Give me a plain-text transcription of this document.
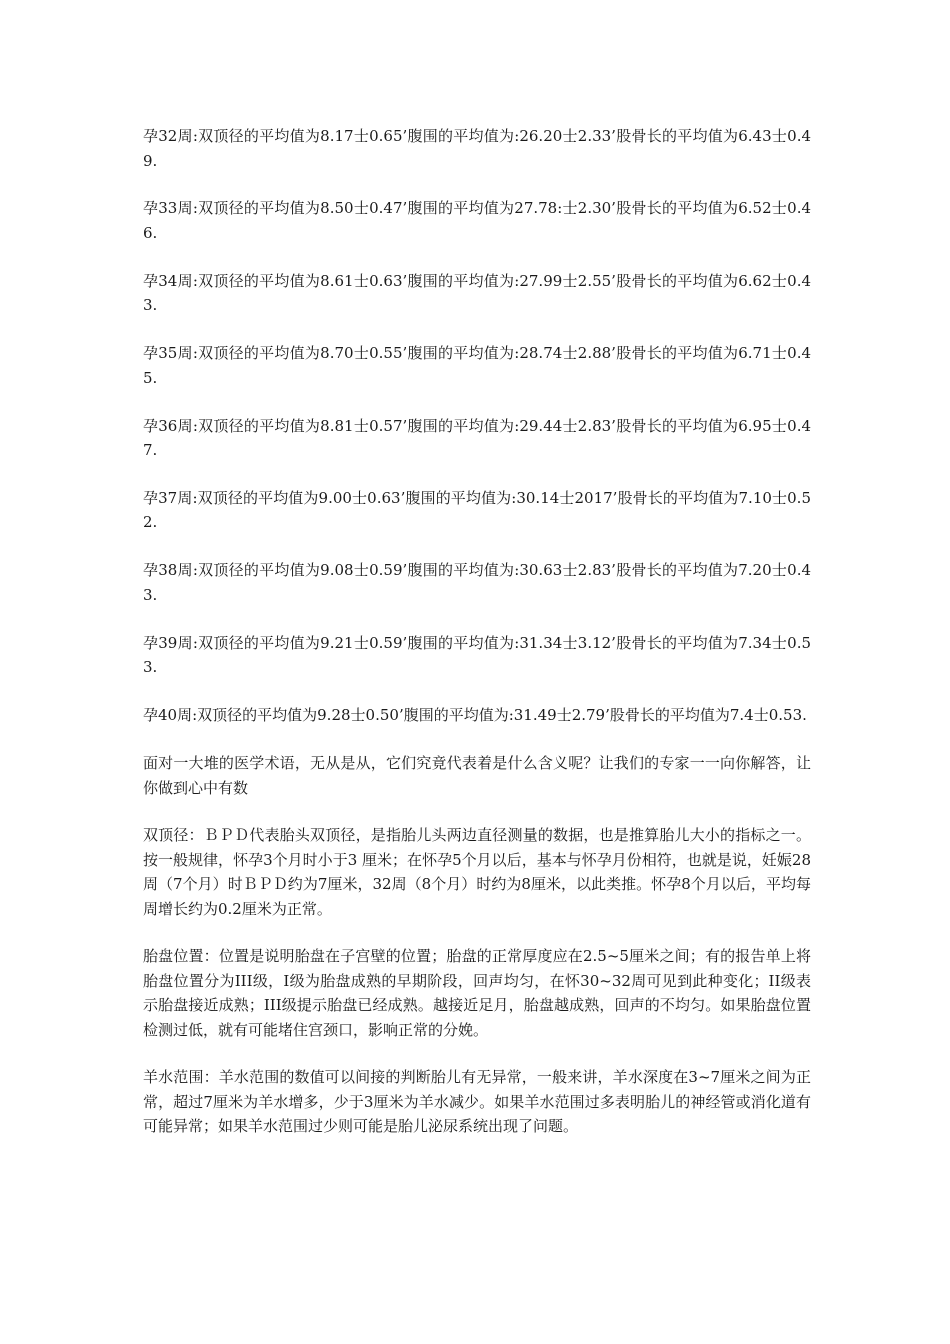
孕32周:双顶径的平均值为8.17士0.65’腹围的平均值为:26.20士2.33’股骨长的平均值为6.43士0.49.

孕33周:双顶径的平均值为8.50士0.47’腹围的平均值为27.78:士2.30’股骨长的平均值为6.52士0.46.

孕34周:双顶径的平均值为8.61士0.63’腹围的平均值为:27.99士2.55’股骨长的平均值为6.62士0.43.

孕35周:双顶径的平均值为8.70士0.55’腹围的平均值为:28.74士2.88’股骨长的平均值为6.71士0.45.

孕36周:双顶径的平均值为8.81士0.57’腹围的平均值为:29.44士2.83’股骨长的平均值为6.95士0.47.

孕37周:双顶径的平均值为9.00士0.63’腹围的平均值为:30.14士2017’股骨长的平均值为7.10士0.52.

孕38周:双顶径的平均值为9.08士0.59’腹围的平均值为:30.63士2.83’股骨长的平均值为7.20士0.43.

孕39周:双顶径的平均值为9.21士0.59’腹围的平均值为:31.34士3.12’股骨长的平均值为7.34士0.53.

孕40周:双顶径的平均值为9.28士0.50’腹围的平均值为:31.49士2.79’股骨长的平均值为7.4士0.53.

面对一大堆的医学术语，无从是从，它们究竟代表着是什么含义呢？让我们的专家一一向你解答，让你做到心中有数

双顶径：ＢＰＤ代表胎头双顶径，是指胎儿头两边直径测量的数据，也是推算胎儿大小的指标之一。按一般规律，怀孕3个月时小于3 厘米；在怀孕5个月以后，基本与怀孕月份相符，也就是说，妊娠28周（7个月）时ＢＰＤ约为7厘米，32周（8个月）时约为8厘米，以此类推。怀孕8个月以后，平均每周增长约为0.2厘米为正常。

胎盘位置：位置是说明胎盘在子宫壁的位置；胎盘的正常厚度应在2.5~5厘米之间；有的报告单上将胎盘位置分为III级，I级为胎盘成熟的早期阶段，回声均匀，在怀30~32周可见到此种变化；II级表示胎盘接近成熟；III级提示胎盘已经成熟。越接近足月，胎盘越成熟，回声的不均匀。如果胎盘位置检测过低，就有可能堵住宫颈口，影响正常的分娩。

羊水范围：羊水范围的数值可以间接的判断胎儿有无异常，一般来讲，羊水深度在3~7厘米之间为正常，超过7厘米为羊水增多，少于3厘米为羊水减少。如果羊水范围过多表明胎儿的神经管或消化道有可能异常；如果羊水范围过少则可能是胎儿泌尿系统出现了问题。
